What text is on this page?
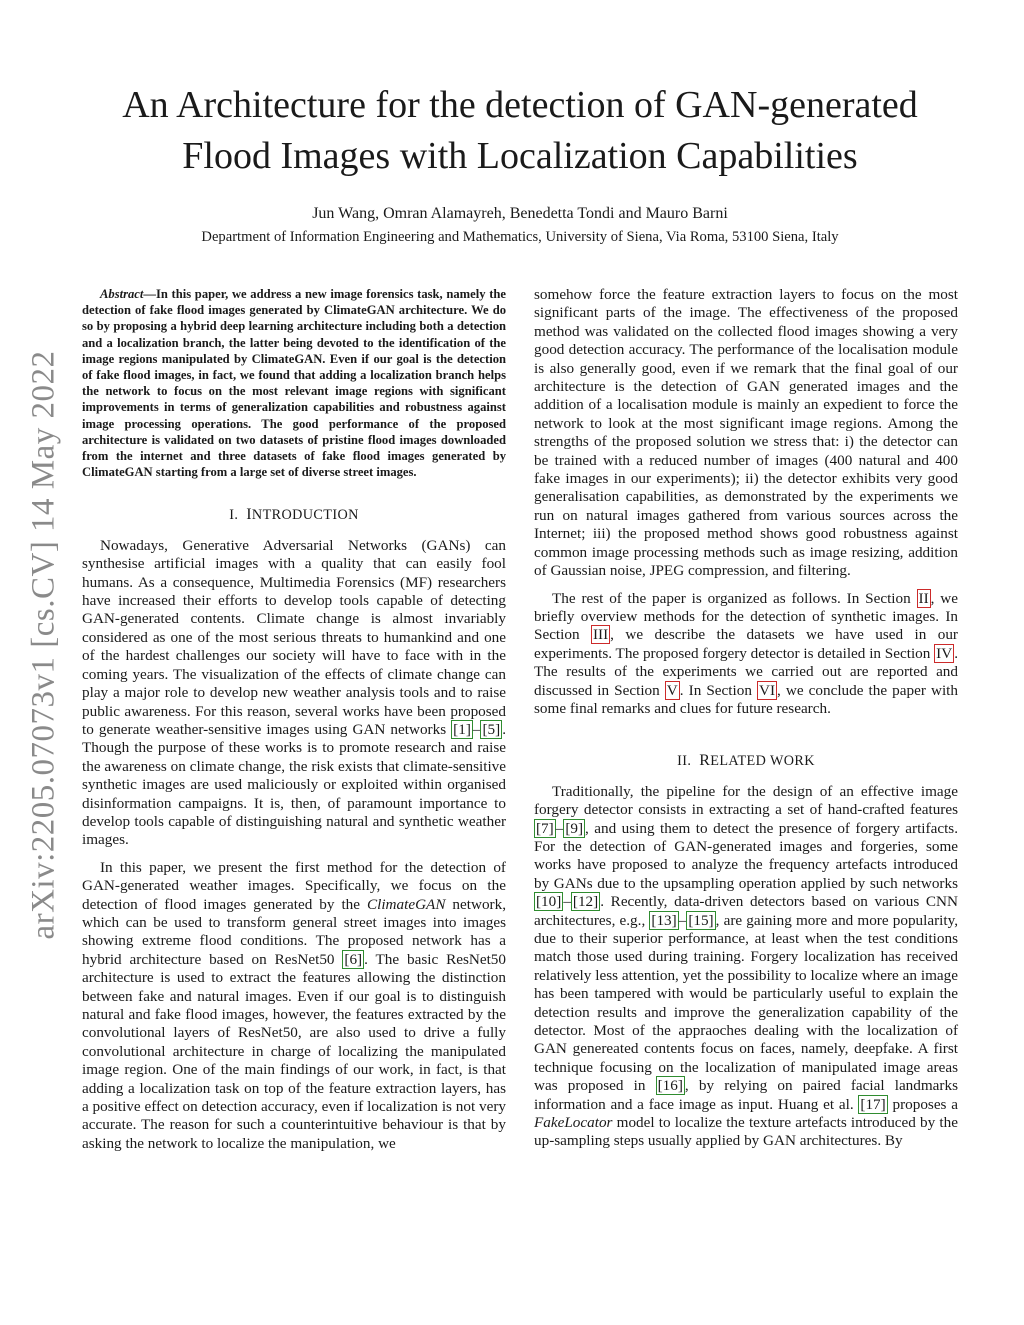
arXiv:2205.07073v1 [cs.CV] 14 May 2022
An Architecture for the detection of GAN-generated
Flood Images with Localization Capabilities

Jun Wang, Omran Alamayreh, Benedetta Tondi and Mauro Barni

Department of Information Engineering and Mathematics, University of Siena, Via Roma, 53100 Siena, Italy

Abstract—In this paper, we address a new image forensics task, namely the detection of fake flood images generated by ClimateGAN architecture. We do so by proposing a hybrid deep learning architecture including both a detection and a localization branch, the latter being devoted to the identification of the image regions manipulated by ClimateGAN. Even if our goal is the detection of fake flood images, in fact, we found that adding a localization branch helps the network to focus on the most relevant image regions with significant improvements in terms of generalization capabilities and robustness against image processing operations. The good performance of the proposed architecture is validated on two datasets of pristine flood images downloaded from the internet and three datasets of fake flood images generated by ClimateGAN starting from a large set of diverse street images.

I. INTRODUCTION

Nowadays, Generative Adversarial Networks (GANs) can synthesise artificial images with a quality that can easily fool humans. As a consequence, Multimedia Forensics (MF) researchers have increased their efforts to develop tools capable of detecting GAN-generated contents. Climate change is almost invariably considered as one of the most serious threats to humankind and one of the hardest challenges our society will have to face with in the coming years. The visualization of the effects of climate change can play a major role to develop new weather analysis tools and to raise public awareness. For this reason, several works have been proposed to generate weather-sensitive images using GAN networks [1] – [5] . Though the purpose of these works is to promote research and raise the awareness on climate change, the risk exists that climate-sensitive synthetic images are used maliciously or exploited within organised disinformation campaigns. It is, then, of paramount importance to develop tools capable of distinguishing natural and synthetic weather images.

In this paper, we present the first method for the detection of GAN-generated weather images. Specifically, we focus on the detection of flood images generated by the ClimateGAN network, which can be used to transform general street images into images showing extreme flood conditions. The proposed network has a hybrid architecture based on ResNet50 [6] . The basic ResNet50 architecture is used to extract the features allowing the distinction between fake and natural images. Even if our goal is to distinguish natural and fake flood images, however, the features extracted by the convolutional layers of ResNet50, are also used to drive a fully convolutional architecture in charge of localizing the manipulated image region. One of the main findings of our work, in fact, is that adding a localization task on top of the feature extraction layers, has a positive effect on detection accuracy, even if localization is not very accurate. The reason for such a counterintuitive behaviour is that by asking the network to localize the manipulation, we

somehow force the feature extraction layers to focus on the most significant parts of the image. The effectiveness of the proposed method was validated on the collected flood images showing a very good detection accuracy. The performance of the localisation module is also generally good, even if we remark that the final goal of our architecture is the detection of GAN generated images and the addition of a localisation module is mainly an expedient to force the network to look at the most significant image regions. Among the strengths of the proposed solution we stress that: i) the detector can be trained with a reduced number of images (400 natural and 400 fake images in our experiments); ii) the detector exhibits very good generalisation capabilities, as demonstrated by the experiments we run on natural images gathered from various sources across the Internet; iii) the proposed method shows good robustness against common image processing methods such as image resizing, addition of Gaussian noise, JPEG compression, and filtering.

The rest of the paper is organized as follows. In Section II , we briefly overview methods for the detection of synthetic images. In Section III , we describe the datasets we have used in our experiments. The proposed forgery detector is detailed in Section IV . The results of the experiments we carried out are reported and discussed in Section V . In Section VI , we conclude the paper with some final remarks and clues for future research.

II. RELATED WORK

Traditionally, the pipeline for the design of an effective image forgery detector consists in extracting a set of hand-crafted features [7] – [9] , and using them to detect the presence of forgery artifacts. For the detection of GAN-generated images and forgeries, some works have proposed to analyze the frequency artefacts introduced by GANs due to the upsampling operation applied by such networks [10] – [12] . Recently, data-driven detectors based on various CNN architectures, e.g., [13] – [15] , are gaining more and more popularity, due to their superior performance, at least when the test conditions match those used during training. Forgery localization has received relatively less attention, yet the possibility to localize where an image has been tampered with would be particularly useful to explain the detection results and improve the generalization capability of the detector. Most of the appraoches dealing with the localization of GAN genereated contents focus on faces, namely, deepfake. A first technique focusing on the localization of manipulated image areas was proposed in [16] , by relying on paired facial landmarks information and a face image as input. Huang et al. [17] proposes a FakeLocator model to localize the texture artefacts introduced by the up-sampling steps usually applied by GAN architectures. By
